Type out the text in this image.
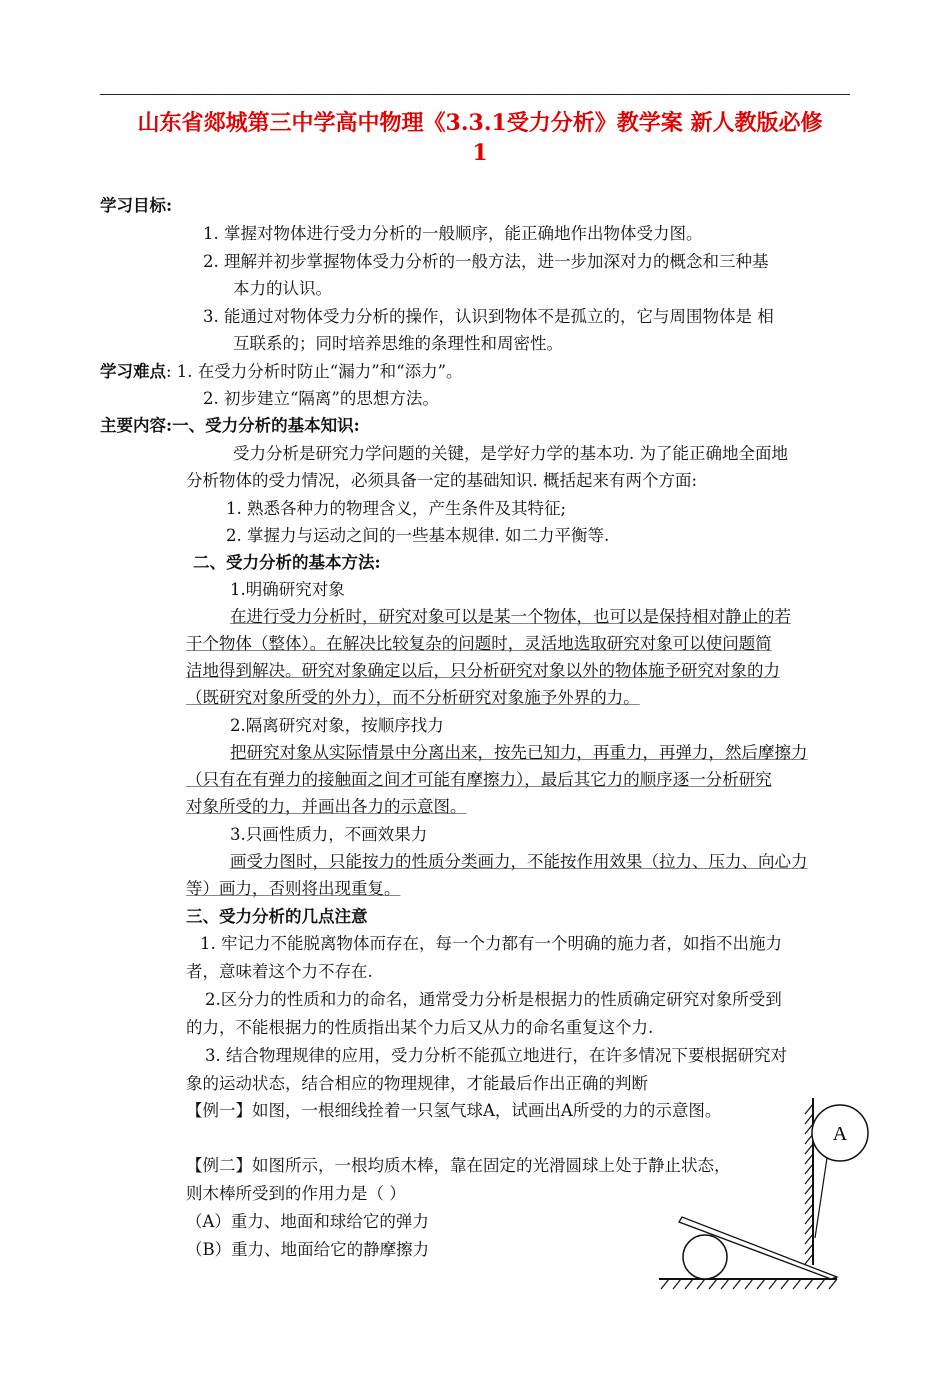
山东省郯城第三中学高中物理《3.3.1受力分析》教学案 新人教版必修
1
学习目标:
1. 掌握对物体进行受力分析的一般顺序，能正确地作出物体受力图。
2. 理解并初步掌握物体受力分析的一般方法，进一步加深对力的概念和三种基
本力的认识。
3. 能通过对物体受力分析的操作，认识到物体不是孤立的，它与周围物体是 相
互联系的；同时培养思维的条理性和周密性。
学习难点: 1. 在受力分析时防止“漏力”和“添力”。
2. 初步建立“隔离”的思想方法。
主要内容:一、受力分析的基本知识:
受力分析是研究力学问题的关键，是学好力学的基本功. 为了能正确地全面地
分析物体的受力情况，必须具备一定的基础知识. 概括起来有两个方面:
1. 熟悉各种力的物理含义，产生条件及其特征;
2. 掌握力与运动之间的一些基本规律. 如二力平衡等.
二、受力分析的基本方法:
1.明确研究对象
在进行受力分析时，研究对象可以是某一个物体，也可以是保持相对静止的若
干个物体（整体）。在解决比较复杂的问题时，灵活地选取研究对象可以使问题简
洁地得到解决。研究对象确定以后，只分析研究对象以外的物体施予研究对象的力
（既研究对象所受的外力），而不分析研究对象施予外界的力。
2.隔离研究对象，按顺序找力
把研究对象从实际情景中分离出来，按先已知力，再重力，再弹力，然后摩擦力
（只有在有弹力的接触面之间才可能有摩擦力），最后其它力的顺序逐一分析研究
对象所受的力，并画出各力的示意图。
3.只画性质力，不画效果力
画受力图时，只能按力的性质分类画力，不能按作用效果（拉力、压力、向心力
等）画力，否则将出现重复。
三、受力分析的几点注意
1. 牢记力不能脱离物体而存在，每一个力都有一个明确的施力者，如指不出施力
者，意味着这个力不存在.
2.区分力的性质和力的命名，通常受力分析是根据力的性质确定研究对象所受到
的力，不能根据力的性质指出某个力后又从力的命名重复这个力.
3. 结合物理规律的应用，受力分析不能孤立地进行，在许多情况下要根据研究对
象的运动状态，结合相应的物理规律，才能最后作出正确的判断
【例一】如图，一根细线拴着一只氢气球A，试画出A所受的力的示意图。
【例二】如图所示，一根均质木棒，靠在固定的光滑圆球上处于静止状态，
则木棒所受到的作用力是（ ）
（A）重力、地面和球给它的弹力
（B）重力、地面给它的静摩擦力
A
